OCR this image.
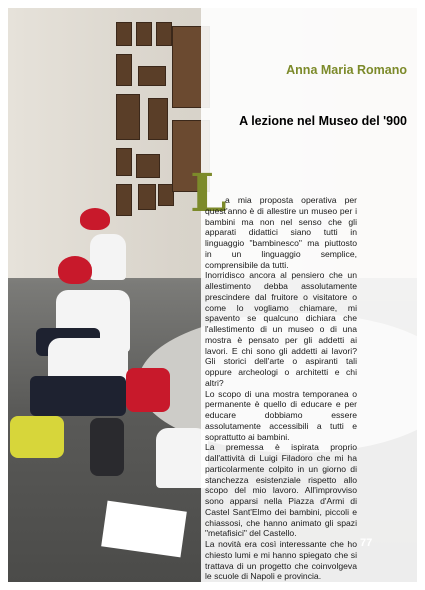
Anna Maria Romano
A lezione nel Museo del '900
L

a mia proposta operativa per quest'anno è di allestire un museo per i bambini ma non nel senso che gli apparati didattici siano tutti in linguaggio "bambinesco" ma piuttosto in un linguaggio semplice, comprensibile da tutti.

Inorridisco ancora al pensiero che un allestimento debba assolutamente prescindere dal fruitore o visitatore o come lo vogliamo chiamare, mi spavento se qualcuno dichiara che l'allestimento di un museo o di una mostra è pensato per gli addetti ai lavori. E chi sono gli addetti ai lavori? Gli storici dell'arte o aspiranti tali oppure archeologi o architetti e chi altri?

Lo scopo di una mostra temporanea o permanente è quello di educare e per educare dobbiamo essere assolutamente accessibili a tutti e soprattutto ai bambini.

La premessa è ispirata proprio dall'attività di Luigi Filadoro che mi ha particolarmente colpito in un giorno di stanchezza esistenziale rispetto allo scopo del mio lavoro. All'improvviso sono apparsi nella Piazza d'Armi di Castel Sant'Elmo dei bambini, piccoli e chiassosi, che hanno animato gli spazi "metafisici" del Castello.

La novità era così interessante che ho chiesto lumi e mi hanno spiegato che si trattava di un progetto che coinvolgeva le scuole di Napoli e provincia.

77
